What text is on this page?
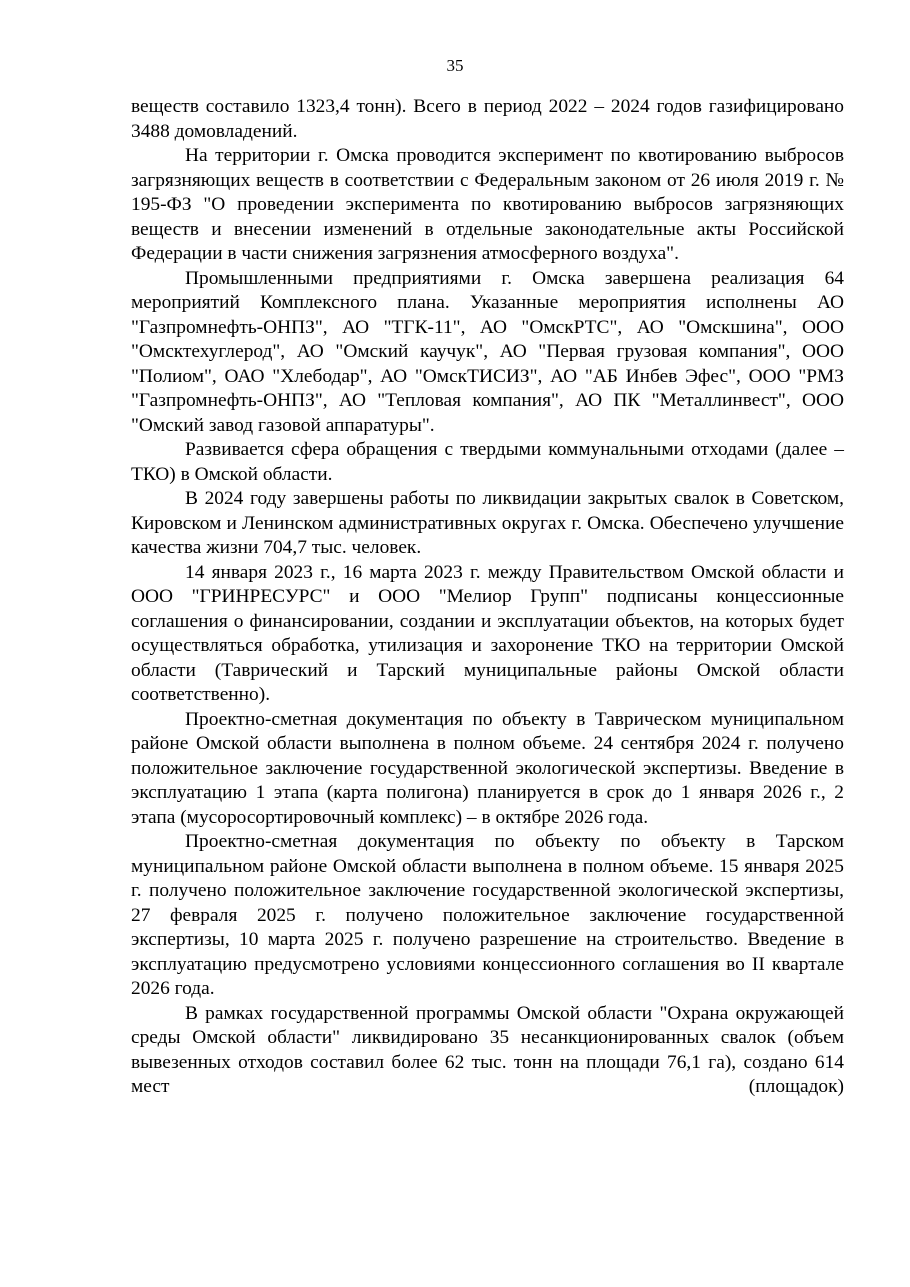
35

веществ составило 1323,4 тонн). Всего в период 2022 – 2024 годов газифицировано 3488 домовладений.

На территории г. Омска проводится эксперимент по квотированию выбросов загрязняющих веществ в соответствии с Федеральным законом от 26 июля 2019 г. № 195-ФЗ "О проведении эксперимента по квотированию выбросов загрязняющих веществ и внесении изменений в отдельные законодательные акты Российской Федерации в части снижения загрязнения атмосферного воздуха".

Промышленными предприятиями г. Омска завершена реализация 64 мероприятий Комплексного плана. Указанные мероприятия исполнены АО "Газпромнефть-ОНПЗ", АО "ТГК-11", АО "ОмскРТС", АО "Омскшина", ООО "Омсктехуглерод", АО "Омский каучук", АО "Первая грузовая компания", ООО "Полиом", ОАО "Хлебодар", АО "ОмскТИСИЗ", АО "АБ Инбев Эфес", ООО "РМЗ "Газпромнефть-ОНПЗ", АО "Тепловая компания", АО ПК "Металлинвест", ООО "Омский завод газовой аппаратуры".

Развивается сфера обращения с твердыми коммунальными отходами (далее – ТКО) в Омской области.

В 2024 году завершены работы по ликвидации закрытых свалок в Советском, Кировском и Ленинском административных округах г. Омска. Обеспечено улучшение качества жизни 704,7 тыс. человек.

14 января 2023 г., 16 марта 2023 г. между Правительством Омской области и ООО "ГРИНРЕСУРС" и ООО "Мелиор Групп" подписаны концессионные соглашения о финансировании, создании и эксплуатации объектов, на которых будет осуществляться обработка, утилизация и захоронение ТКО на территории Омской области (Таврический и Тарский муниципальные районы Омской области соответственно).

Проектно-сметная документация по объекту в Таврическом муниципальном районе Омской области выполнена в полном объеме. 24 сентября 2024 г. получено положительное заключение государственной экологической экспертизы. Введение в эксплуатацию 1 этапа (карта полигона) планируется в срок до 1 января 2026 г., 2 этапа (мусоросортировочный комплекс) – в октябре 2026 года.

Проектно-сметная документация по объекту по объекту в Тарском муниципальном районе Омской области выполнена в полном объеме. 15 января 2025 г. получено положительное заключение государственной экологической экспертизы, 27 февраля 2025 г. получено положительное заключение государственной экспертизы, 10 марта 2025 г. получено разрешение на строительство. Введение в эксплуатацию предусмотрено условиями концессионного соглашения во II квартале 2026 года.

В рамках государственной программы Омской области "Охрана окружающей среды Омской области" ликвидировано 35 несанкционированных свалок (объем вывезенных отходов составил более 62 тыс. тонн на площади 76,1 га), создано 614 мест (площадок)
